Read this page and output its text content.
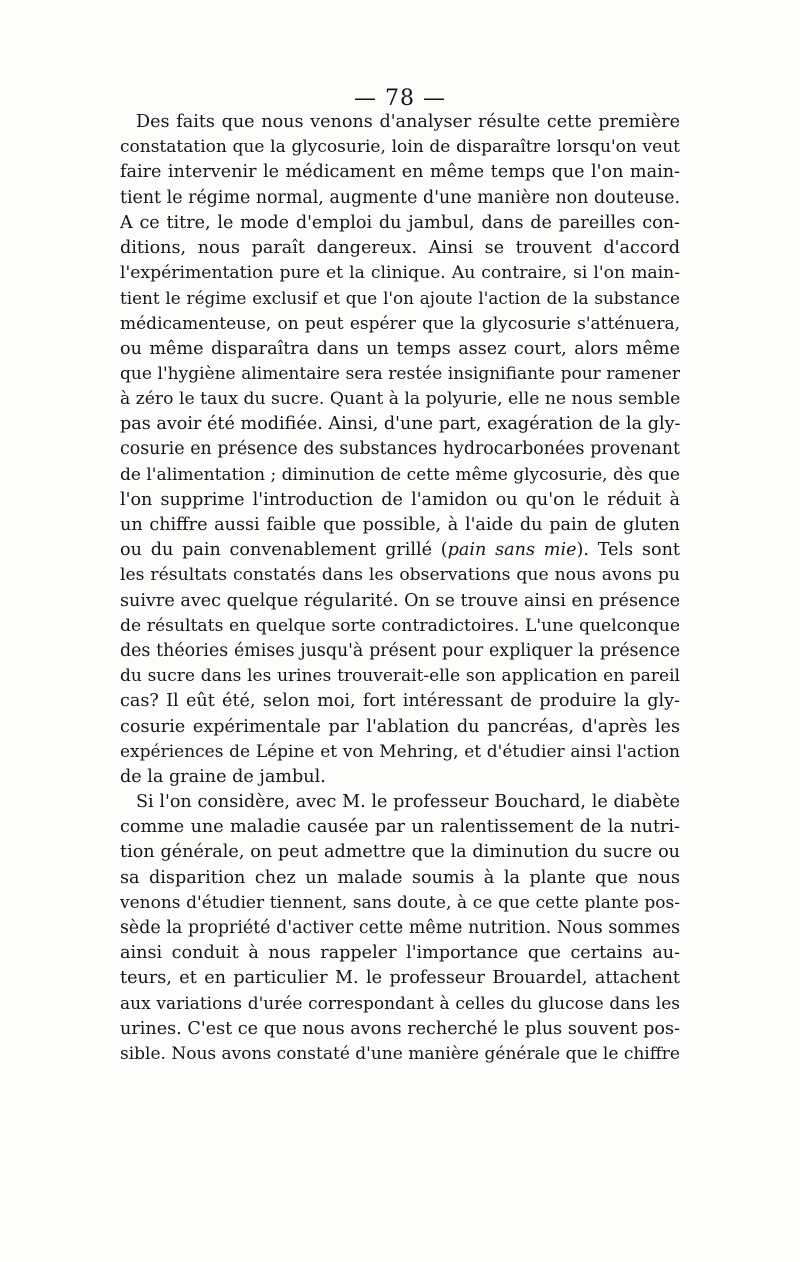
— 78 —
Des faits que nous venons d'analyser résulte cette première
constatation que la glycosurie, loin de disparaître lorsqu'on veut
faire intervenir le médicament en même temps que l'on main-
tient le régime normal, augmente d'une manière non douteuse.
A ce titre, le mode d'emploi du jambul, dans de pareilles con-
ditions, nous paraît dangereux. Ainsi se trouvent d'accord
l'expérimentation pure et la clinique. Au contraire, si l'on main-
tient le régime exclusif et que l'on ajoute l'action de la substance
médicamenteuse, on peut espérer que la glycosurie s'atténuera,
ou même disparaîtra dans un temps assez court, alors même
que l'hygiène alimentaire sera restée insignifiante pour ramener
à zéro le taux du sucre. Quant à la polyurie, elle ne nous semble
pas avoir été modifiée. Ainsi, d'une part, exagération de la gly-
cosurie en présence des substances hydrocarbonées provenant
de l'alimentation ; diminution de cette même glycosurie, dès que
l'on supprime l'introduction de l'amidon ou qu'on le réduit à
un chiffre aussi faible que possible, à l'aide du pain de gluten
ou du pain convenablement grillé (pain sans mie). Tels sont
les résultats constatés dans les observations que nous avons pu
suivre avec quelque régularité. On se trouve ainsi en présence
de résultats en quelque sorte contradictoires. L'une quelconque
des théories émises jusqu'à présent pour expliquer la présence
du sucre dans les urines trouverait-elle son application en pareil
cas? Il eût été, selon moi, fort intéressant de produire la gly-
cosurie expérimentale par l'ablation du pancréas, d'après les
expériences de Lépine et von Mehring, et d'étudier ainsi l'action
de la graine de jambul.
Si l'on considère, avec M. le professeur Bouchard, le diabète
comme une maladie causée par un ralentissement de la nutri-
tion générale, on peut admettre que la diminution du sucre ou
sa disparition chez un malade soumis à la plante que nous
venons d'étudier tiennent, sans doute, à ce que cette plante pos-
sède la propriété d'activer cette même nutrition. Nous sommes
ainsi conduit à nous rappeler l'importance que certains au-
teurs, et en particulier M. le professeur Brouardel, attachent
aux variations d'urée correspondant à celles du glucose dans les
urines. C'est ce que nous avons recherché le plus souvent pos-
sible. Nous avons constaté d'une manière générale que le chiffre
